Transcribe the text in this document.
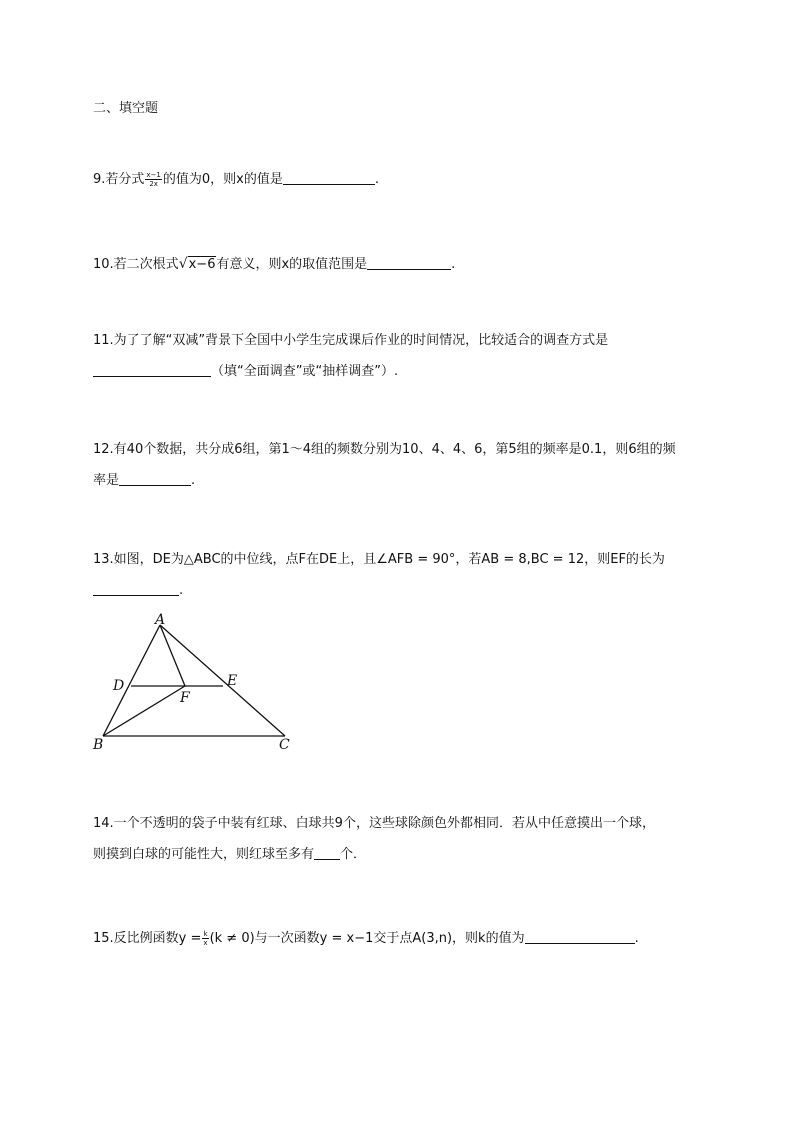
二、填空题
9.若分式 $\frac{x-1}{2x}$ 的值为0，则x的值是	.
10.若二次根式√x−6有意义，则x的取值范围是	.
11.为了了解“双减”背景下全国中小学生完成课后作业的时间情况，比较适合的调查方式是
（填“全面调查”或“抽样调查”）.
12.有40个数据，共分成6组，第1～4组的频数分别为10、4、4、6，第5组的频率是0.1，则6组的频
率是	.
13.如图，DE为△ABC的中位线，点F在DE上，且∠AFB = 90°，若AB = 8,BC = 12，则EF的长为
.
A
D	E
F
B	C
14.一个不透明的袋子中装有红球、白球共9个，这些球除颜色外都相同．若从中任意摸出一个球，
则摸到白球的可能性大，则红球至多有 个．
15.反比例函数$y = \frac{k}{x} (k \ne 0)$与一次函数y = x−1交于点A(3,n)，则k的值为	.
